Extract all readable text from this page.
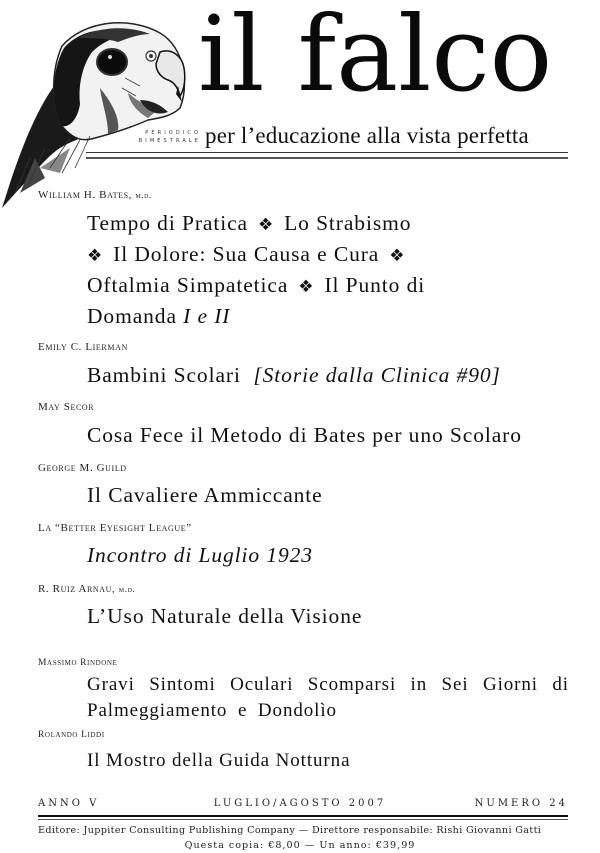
il falco
PERIODICO
BIMESTRALE per l’educazione alla vista perfetta
William H. Bates, m.d.
Tempo di Pratica ❖ Lo Strabismo
❖ Il Dolore: Sua Causa e Cura ❖
Oftalmia Simpatetica ❖ Il Punto di
Domanda I e II
Emily C. Lierman
Bambini Scolari [Storie dalla Clinica #90]
May Secor
Cosa Fece il Metodo di Bates per uno Scolaro
George M. Guild
Il Cavaliere Ammiccante
La “Better Eyesight League”
Incontro di Luglio 1923
R. Ruiz Arnau, m.d.
L’Uso Naturale della Visione
Massimo Rindone
Gravi Sintomi Oculari Scomparsi in Sei Giorni di Palmeggiamento e Dondolìo
Rolando Liddi
Il Mostro della Guida Notturna
ANNO V	LUGLIO/AGOSTO 2007	NUMERO 24
Editore: Juppiter Consulting Publishing Company — Direttore responsabile: Rishi Giovanni Gatti
Questa copia: €8,00 — Un anno: €39,99
